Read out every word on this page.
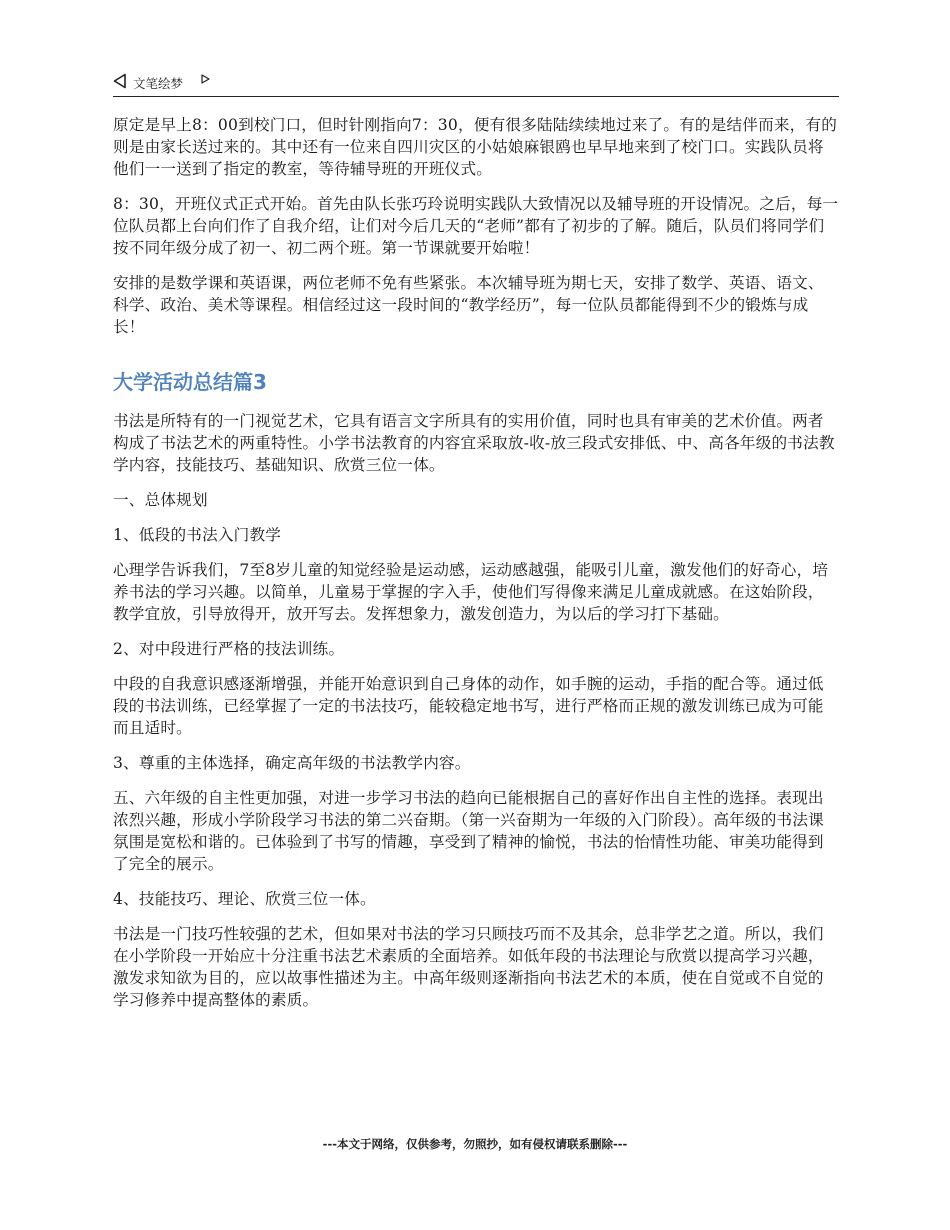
文笔绘梦

原定是早上8：00到校门口，但时针刚指向7：30，便有很多陆陆续续地过来了。有的是结伴而来，有的则是由家长送过来的。其中还有一位来自四川灾区的小姑娘麻银鸥也早早地来到了校门口。实践队员将他们一一送到了指定的教室，等待辅导班的开班仪式。

8：30，开班仪式正式开始。首先由队长张巧玲说明实践队大致情况以及辅导班的开设情况。之后，每一位队员都上台向们作了自我介绍，让们对今后几天的“老师”都有了初步的了解。随后，队员们将同学们按不同年级分成了初一、初二两个班。第一节课就要开始啦！

安排的是数学课和英语课，两位老师不免有些紧张。本次辅导班为期七天，安排了数学、英语、语文、科学、政治、美术等课程。相信经过这一段时间的“教学经历”，每一位队员都能得到不少的锻炼与成长！

大学活动总结篇3

书法是所特有的一门视觉艺术，它具有语言文字所具有的实用价值，同时也具有审美的艺术价值。两者构成了书法艺术的两重特性。小学书法教育的内容宜采取放-收-放三段式安排低、中、高各年级的书法教学内容，技能技巧、基础知识、欣赏三位一体。

一、总体规划

1、低段的书法入门教学

心理学告诉我们，7至8岁儿童的知觉经验是运动感，运动感越强，能吸引儿童，激发他们的好奇心，培养书法的学习兴趣。以简单，儿童易于掌握的字入手，使他们写得像来满足儿童成就感。在这始阶段，教学宜放，引导放得开，放开写去。发挥想象力，激发创造力，为以后的学习打下基础。

2、对中段进行严格的技法训练。

中段的自我意识感逐渐增强，并能开始意识到自己身体的动作，如手腕的运动，手指的配合等。通过低段的书法训练，已经掌握了一定的书法技巧，能较稳定地书写，进行严格而正规的激发训练已成为可能而且适时。

3、尊重的主体选择，确定高年级的书法教学内容。

五、六年级的自主性更加强，对进一步学习书法的趋向已能根据自己的喜好作出自主性的选择。表现出浓烈兴趣，形成小学阶段学习书法的第二兴奋期。（第一兴奋期为一年级的入门阶段）。高年级的书法课氛围是宽松和谐的。已体验到了书写的情趣，享受到了精神的愉悦，书法的怡情性功能、审美功能得到了完全的展示。

4、技能技巧、理论、欣赏三位一体。

书法是一门技巧性较强的艺术，但如果对书法的学习只顾技巧而不及其余，总非学艺之道。所以，我们在小学阶段一开始应十分注重书法艺术素质的全面培养。如低年段的书法理论与欣赏以提高学习兴趣，激发求知欲为目的，应以故事性描述为主。中高年级则逐渐指向书法艺术的本质，使在自觉或不自觉的学习修养中提高整体的素质。

---本文于网络，仅供参考，勿照抄，如有侵权请联系删除---
